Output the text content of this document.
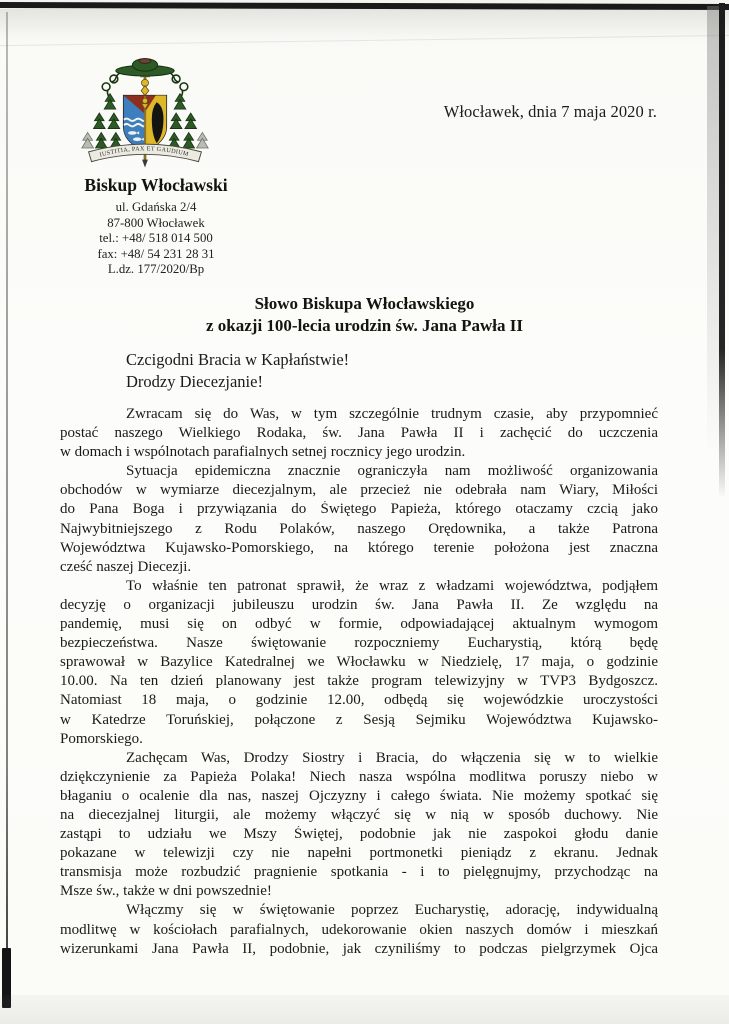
Włocławek, dnia 7 maja 2020 r.
IUSTITIA, PAX ET GAUDIUM
Biskup Włocławski
ul. Gdańska 2/4
87-800 Włocławek
tel.: +48/ 518 014 500
fax: +48/ 54 231 28 31
L.dz. 177/2020/Bp
Słowo Biskupa Włocławskiego
z okazji 100-lecia urodzin św. Jana Pawła II
Czcigodni Bracia w Kapłaństwie!
Drodzy Diecezjanie!
Zwracam się do Was, w tym szczególnie trudnym czasie, aby przypomnieć
postać naszego Wielkiego Rodaka, św. Jana Pawła II i zachęcić do uczczenia
w domach i wspólnotach parafialnych setnej rocznicy jego urodzin.
Sytuacja epidemiczna znacznie ograniczyła nam możliwość organizowania
obchodów w wymiarze diecezjalnym, ale przecież nie odebrała nam Wiary, Miłości
do Pana Boga i przywiązania do Świętego Papieża, którego otaczamy czcią jako
Najwybitniejszego z Rodu Polaków, naszego Orędownika, a także Patrona
Województwa Kujawsko-Pomorskiego, na którego terenie położona jest znaczna
cześć naszej Diecezji.
To właśnie ten patronat sprawił, że wraz z władzami województwa, podjąłem
decyzję o organizacji jubileuszu urodzin św. Jana Pawła II. Ze względu na
pandemię, musi się on odbyć w formie, odpowiadającej aktualnym wymogom
bezpieczeństwa. Nasze świętowanie rozpoczniemy Eucharystią, którą będę
sprawował w Bazylice Katedralnej we Włocławku w Niedzielę, 17 maja, o godzinie
10.00. Na ten dzień planowany jest także program telewizyjny w TVP3 Bydgoszcz.
Natomiast 18 maja, o godzinie 12.00, odbędą się wojewódzkie uroczystości
w Katedrze Toruńskiej, połączone z Sesją Sejmiku Województwa Kujawsko-
Pomorskiego.
Zachęcam Was, Drodzy Siostry i Bracia, do włączenia się w to wielkie
dziękczynienie za Papieża Polaka! Niech nasza wspólna modlitwa poruszy niebo w
błaganiu o ocalenie dla nas, naszej Ojczyzny i całego świata. Nie możemy spotkać się
na diecezjalnej liturgii, ale możemy włączyć się w nią w sposób duchowy. Nie
zastąpi to udziału we Mszy Świętej, podobnie jak nie zaspokoi głodu danie
pokazane w telewizji czy nie napełni portmonetki pieniądz z ekranu. Jednak
transmisja może rozbudzić pragnienie spotkania - i to pielęgnujmy, przychodząc na
Msze św., także w dni powszednie!
Włączmy się w świętowanie poprzez Eucharystię, adorację, indywidualną
modlitwę w kościołach parafialnych, udekorowanie okien naszych domów i mieszkań
wizerunkami Jana Pawła II, podobnie, jak czyniliśmy to podczas pielgrzymek Ojca
